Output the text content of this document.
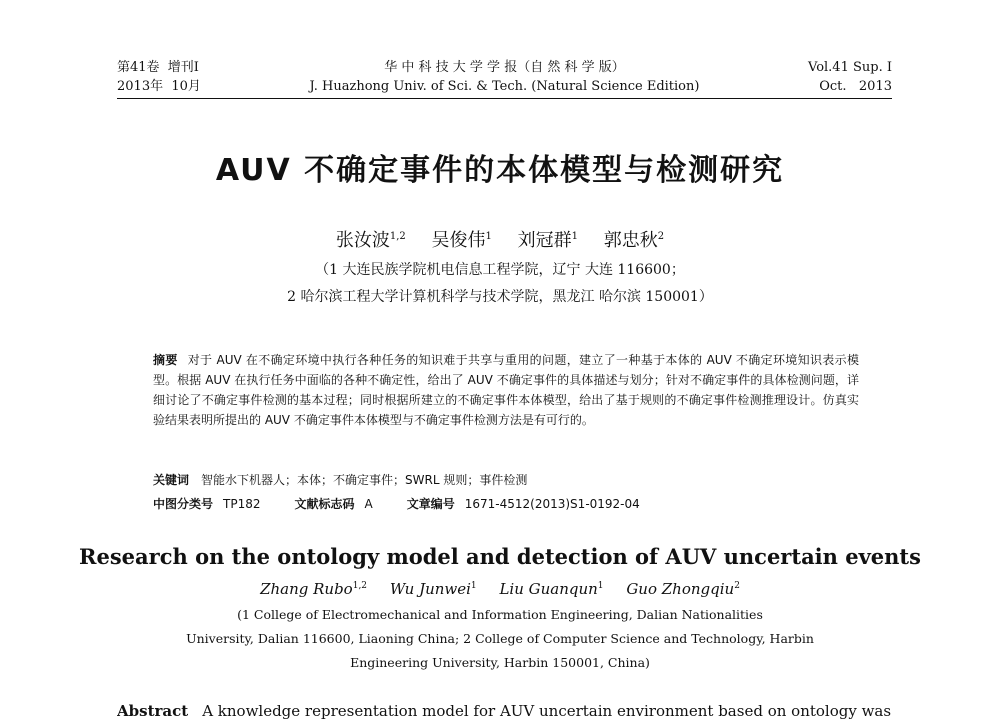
第41卷  增刊Ⅰ
2013年  10月
华 中 科 技 大 学 学 报（自 然 科 学 版）
J. Huazhong Univ. of Sci. & Tech. (Natural Science Edition)
Vol.41 Sup. Ⅰ
Oct.   2013
AUV 不确定事件的本体模型与检测研究
张汝波$^{1,2}$ 吴俊伟$^1$ 刘冠群$^1$ 郭忠秋$^2$
（1 大连民族学院机电信息工程学院，辽宁 大连 116600；
2 哈尔滨工程大学计算机科学与技术学院，黑龙江 哈尔滨 150001）
摘要 对于 AUV 在不确定环境中执行各种任务的知识难于共享与重用的问题，建立了一种基于本体的 AUV 不确定环境知识表示模型。根据 AUV 在执行任务中面临的各种不确定性，给出了 AUV 不确定事件的具体描述与划分；针对不确定事件的具体检测问题，详细讨论了不确定事件检测的基本过程；同时根据所建立的不确定事件本体模型，给出了基于规则的不确定事件检测推理设计。仿真实验结果表明所提出的 AUV 不确定事件本体模型与不确定事件检测方法是有可行的。
关键词 智能水下机器人；本体；不确定事件；SWRL 规则；事件检测
中图分类号 TP182	文献标志码 A	文章编号 1671-4512(2013)S1-0192-04
Research on the ontology model and detection of AUV uncertain events
Zhang Rubo$^{1,2}$ Wu Junwei$^1$ Liu Guanqun$^1$ Guo Zhongqiu$^2$
(1 College of Electromechanical and Information Engineering, Dalian Nationalities
University, Dalian 116600, Liaoning China; 2 College of Computer Science and Technology, Harbin
Engineering University, Harbin 150001, China)
Abstract A knowledge representation model for AUV uncertain environment based on ontology was
